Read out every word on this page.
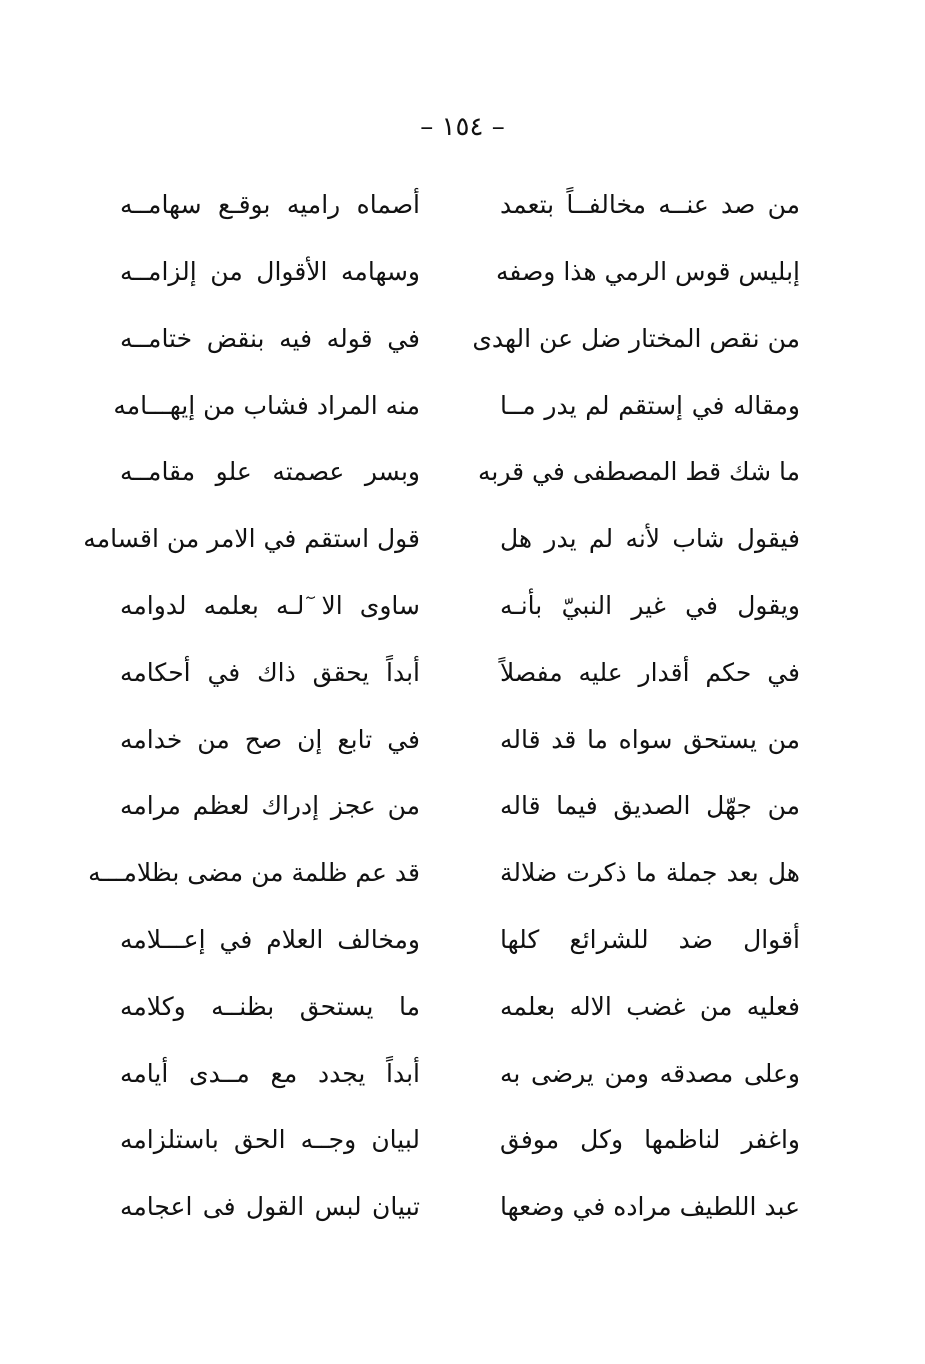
– ١٥٤ –
من صد عنــه مخالفــاً بتعمد
أصماه راميه بوقـع سهامــه
إبليس قوس الرمي هذا وصفه
وسهامه الأقوال من إلزامــه
من نقص المختار ضل عن الهدى
في قوله فيه بنقض ختامــه
ومقاله في إستقم لم يدر مــا
منه المراد فشاب من إيهـــامه
ما شك قط المصطفى في قربه
وبسر عصمته علو مقامــه
فيقول شاب لأنه لم يدر هل
قول استقم في الامر من اقسامه
ويقول في غير النبيّ بأنـه
ساوى الا ٓلـه بعلمه لدوامه
في حكم أقدار عليه مفصلاً
أبداً يحقق ذاك في أحكامه
من يستحق سواه ما قد قاله
في تابع إن صح من خدامه
من جهّل الصديق فيما قاله
من عجز إدراك لعظم مرامه
هل بعد جملة ما ذكرت ضلالة
قد عم ظلمة من مضى بظلامـــه
أقوال ضد للشرائع كلها
ومخالف العلام في إعـــلامه
فعليه من غضب الاله بعلمه
ما يستحق بظنــه وكلامه
وعلى مصدقه ومن يرضى به
أبداً يجدد مع مــدى أيامه
واغفر لناظمها وكل موفق
لبيان وجــه الحق باستلزامه
عبد اللطيف مراده في وضعها
تبيان لبس القول فى اعجامه
